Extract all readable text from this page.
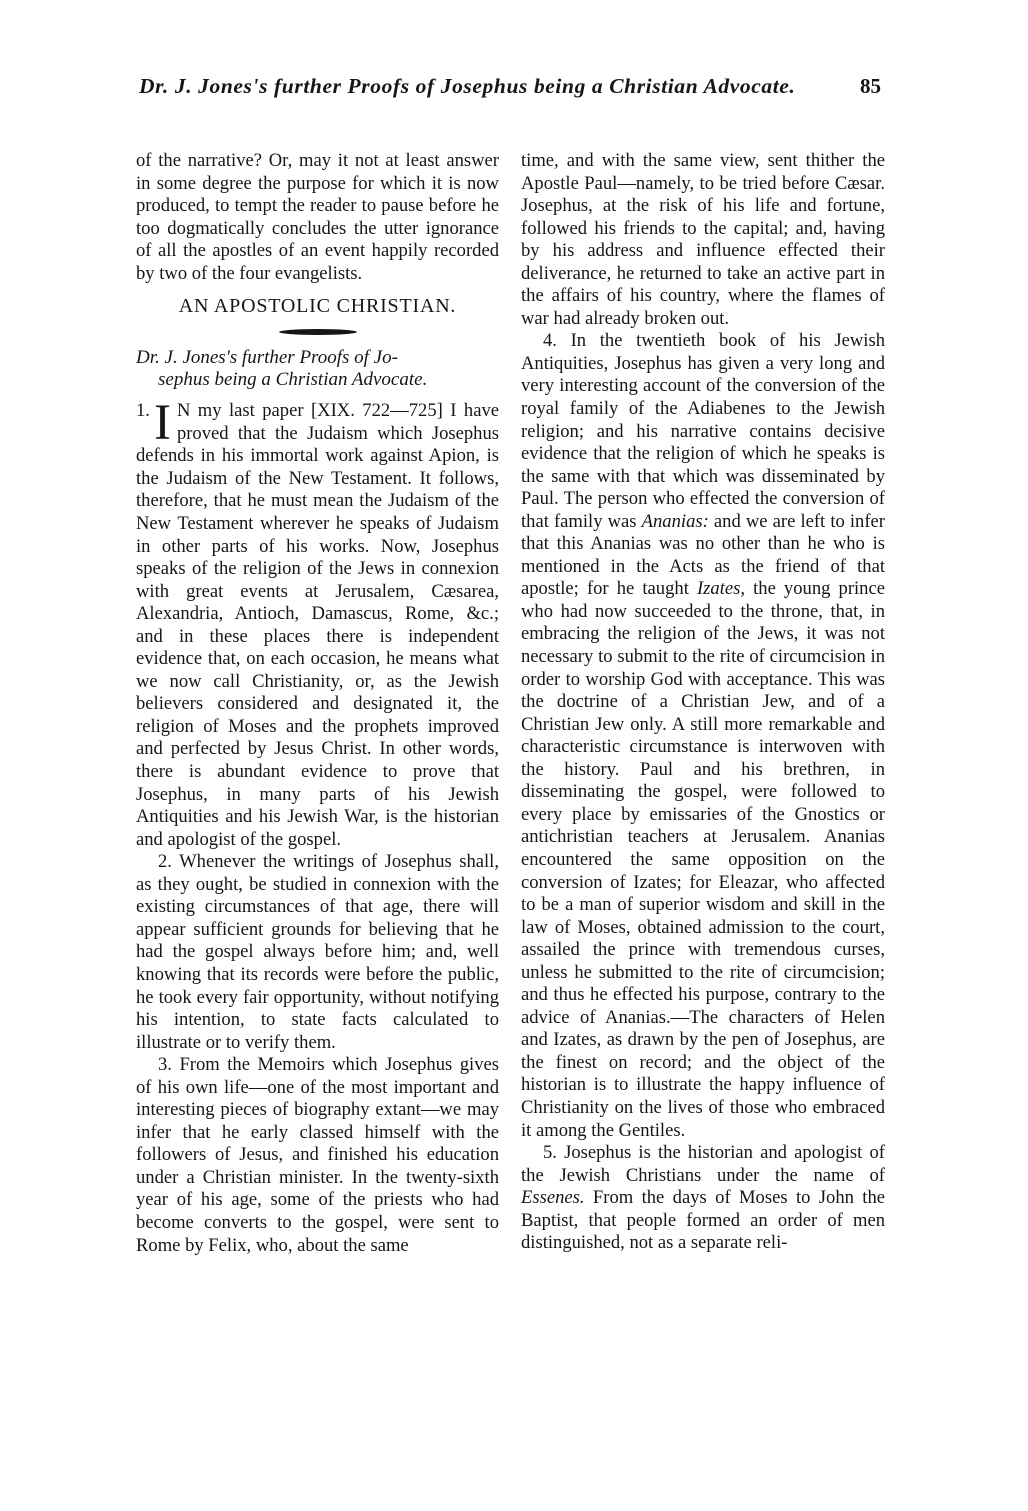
Dr. J. Jones's further Proofs of Josephus being a Christian Advocate.	85

of the narrative? Or, may it not at least answer in some degree the purpose for which it is now produced, to tempt the reader to pause before he too dogmatically concludes the utter ignorance of all the apostles of an event happily recorded by two of the four evangelists.

AN APOSTOLIC CHRISTIAN.
Dr. J. Jones's further Proofs of Jo-
sephus being a Christian Advocate.

1. I N my last paper [XIX. 722—725] I have proved that the Judaism which Josephus defends in his immortal work against Apion, is the Judaism of the New Testament. It follows, therefore, that he must mean the Judaism of the New Testament wherever he speaks of Judaism in other parts of his works. Now, Josephus speaks of the religion of the Jews in connexion with great events at Jerusalem, Cæsarea, Alexandria, Antioch, Damascus, Rome, &c.; and in these places there is independent evidence that, on each occasion, he means what we now call Christianity, or, as the Jewish believers considered and designated it, the religion of Moses and the prophets improved and perfected by Jesus Christ. In other words, there is abundant evidence to prove that Josephus, in many parts of his Jewish Antiquities and his Jewish War, is the historian and apologist of the gospel.

2. Whenever the writings of Josephus shall, as they ought, be studied in connexion with the existing circumstances of that age, there will appear sufficient grounds for believing that he had the gospel always before him; and, well knowing that its records were before the public, he took every fair opportunity, without notifying his intention, to state facts calculated to illustrate or to verify them.

3. From the Memoirs which Josephus gives of his own life—one of the most important and interesting pieces of biography extant—we may infer that he early classed himself with the followers of Jesus, and finished his education under a Christian minister. In the twenty-sixth year of his age, some of the priests who had become converts to the gospel, were sent to Rome by Felix, who, about the same

time, and with the same view, sent thither the Apostle Paul—namely, to be tried before Cæsar. Josephus, at the risk of his life and fortune, followed his friends to the capital; and, having by his address and influence effected their deliverance, he returned to take an active part in the affairs of his country, where the flames of war had already broken out.

4. In the twentieth book of his Jewish Antiquities, Josephus has given a very long and very interesting account of the conversion of the royal family of the Adiabenes to the Jewish religion; and his narrative contains decisive evidence that the religion of which he speaks is the same with that which was disseminated by Paul. The person who effected the conversion of that family was Ananias: and we are left to infer that this Ananias was no other than he who is mentioned in the Acts as the friend of that apostle; for he taught Izates, the young prince who had now succeeded to the throne, that, in embracing the religion of the Jews, it was not necessary to submit to the rite of circumcision in order to worship God with acceptance. This was the doctrine of a Christian Jew, and of a Christian Jew only. A still more remarkable and characteristic circumstance is interwoven with the history. Paul and his brethren, in disseminating the gospel, were followed to every place by emissaries of the Gnostics or antichristian teachers at Jerusalem. Ananias encountered the same opposition on the conversion of Izates; for Eleazar, who affected to be a man of superior wisdom and skill in the law of Moses, obtained admission to the court, assailed the prince with tremendous curses, unless he submitted to the rite of circumcision; and thus he effected his purpose, contrary to the advice of Ananias.—The characters of Helen and Izates, as drawn by the pen of Josephus, are the finest on record; and the object of the historian is to illustrate the happy influence of Christianity on the lives of those who embraced it among the Gentiles.

5. Josephus is the historian and apologist of the Jewish Christians under the name of Essenes. From the days of Moses to John the Baptist, that people formed an order of men distinguished, not as a separate reli-
